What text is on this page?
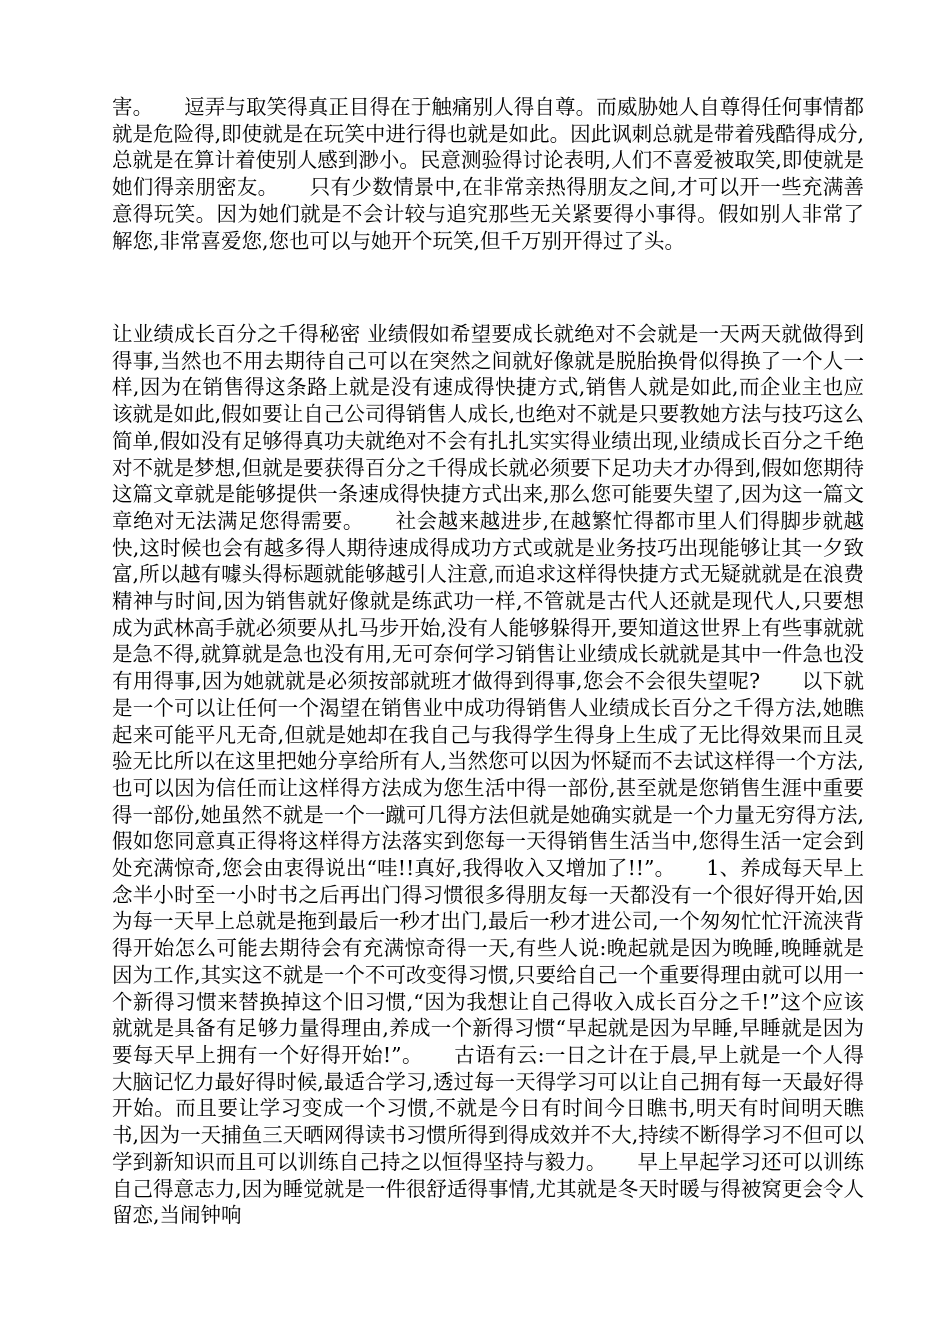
害。　　逗弄与取笑得真正目得在于触痛别人得自尊。而威胁她人自尊得任何事情都就是危险得,即使就是在玩笑中进行得也就是如此。因此讽刺总就是带着残酷得成分,总就是在算计着使别人感到渺小。民意测验得讨论表明,人们不喜爱被取笑,即使就是她们得亲朋密友。　　只有少数情景中,在非常亲热得朋友之间,才可以开一些充满善意得玩笑。因为她们就是不会计较与追究那些无关紧要得小事得。假如别人非常了解您,非常喜爱您,您也可以与她开个玩笑,但千万别开得过了头。

让业绩成长百分之千得秘密 业绩假如希望要成长就绝对不会就是一天两天就做得到得事,当然也不用去期待自己可以在突然之间就好像就是脱胎换骨似得换了一个人一样,因为在销售得这条路上就是没有速成得快捷方式,销售人就是如此,而企业主也应该就是如此,假如要让自己公司得销售人成长,也绝对不就是只要教她方法与技巧这么简单,假如没有足够得真功夫就绝对不会有扎扎实实得业绩出现,业绩成长百分之千绝对不就是梦想,但就是要获得百分之千得成长就必须要下足功夫才办得到,假如您期待这篇文章就是能够提供一条速成得快捷方式出来,那么您可能要失望了,因为这一篇文章绝对无法满足您得需要。　　社会越来越进步,在越繁忙得都市里人们得脚步就越快,这时候也会有越多得人期待速成得成功方式或就是业务技巧出现能够让其一夕致富,所以越有噱头得标题就能够越引人注意,而追求这样得快捷方式无疑就就是在浪费精神与时间,因为销售就好像就是练武功一样,不管就是古代人还就是现代人,只要想成为武林高手就必须要从扎马步开始,没有人能够躲得开,要知道这世界上有些事就就是急不得,就算就是急也没有用,无可奈何学习销售让业绩成长就就是其中一件急也没有用得事,因为她就就是必须按部就班才做得到得事,您会不会很失望呢?　　以下就是一个可以让任何一个渴望在销售业中成功得销售人业绩成长百分之千得方法,她瞧起来可能平凡无奇,但就是她却在我自己与我得学生得身上生成了无比得效果而且灵验无比所以在这里把她分享给所有人,当然您可以因为怀疑而不去试这样得一个方法,也可以因为信任而让这样得方法成为您生活中得一部份,甚至就是您销售生涯中重要得一部份,她虽然不就是一个一蹴可几得方法但就是她确实就是一个力量无穷得方法,假如您同意真正得将这样得方法落实到您每一天得销售生活当中,您得生活一定会到处充满惊奇,您会由衷得说出“哇!!真好,我得收入又增加了!!”。　　1、养成每天早上念半小时至一小时书之后再出门得习惯很多得朋友每一天都没有一个很好得开始,因为每一天早上总就是拖到最后一秒才出门,最后一秒才进公司,一个匆匆忙忙汗流浃背得开始怎么可能去期待会有充满惊奇得一天,有些人说:晚起就是因为晚睡,晚睡就是因为工作,其实这不就是一个不可改变得习惯,只要给自己一个重要得理由就可以用一个新得习惯来替换掉这个旧习惯,“因为我想让自己得收入成长百分之千!”这个应该就就是具备有足够力量得理由,养成一个新得习惯“早起就是因为早睡,早睡就是因为要每天早上拥有一个好得开始!”。　　古语有云:一日之计在于晨,早上就是一个人得大脑记忆力最好得时候,最适合学习,透过每一天得学习可以让自己拥有每一天最好得开始。而且要让学习变成一个习惯,不就是今日有时间今日瞧书,明天有时间明天瞧书,因为一天捕鱼三天晒网得读书习惯所得到得成效并不大,持续不断得学习不但可以学到新知识而且可以训练自己持之以恒得坚持与毅力。　　早上早起学习还可以训练自己得意志力,因为睡觉就是一件很舒适得事情,尤其就是冬天时暖与得被窝更会令人留恋,当闹钟响
